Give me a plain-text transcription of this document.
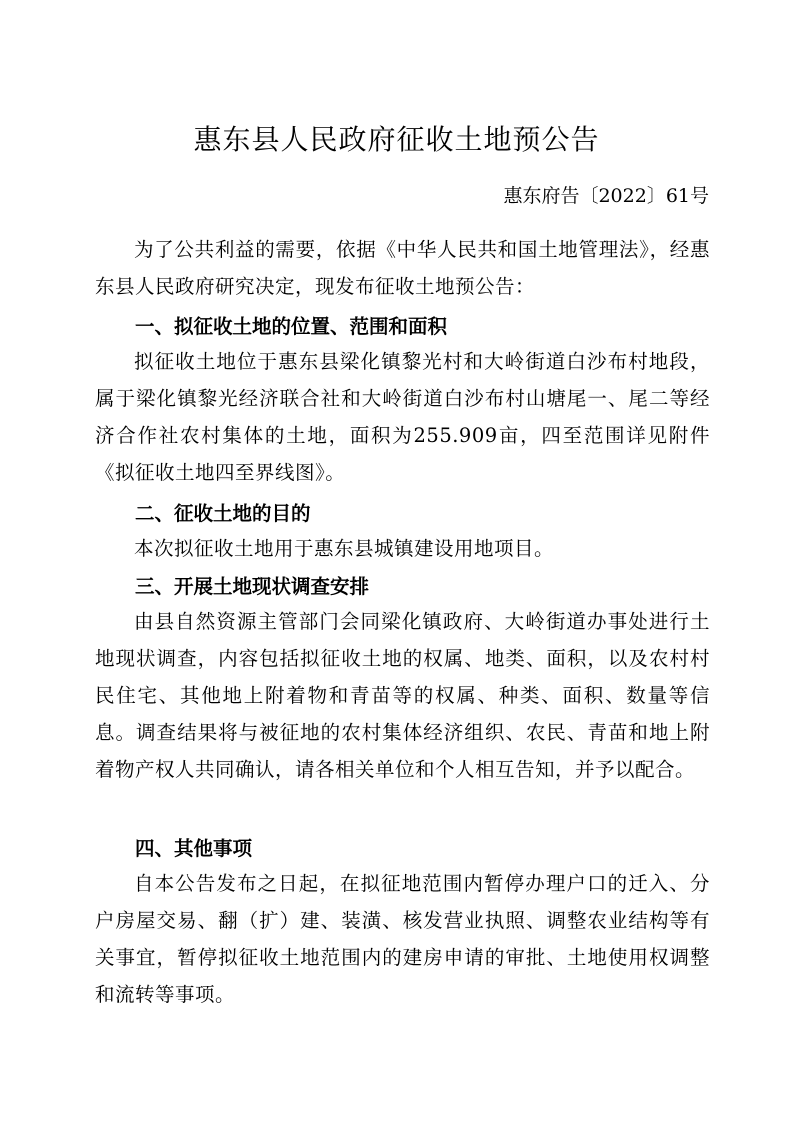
惠东县人民政府征收土地预公告
惠东府告〔2022〕61号

为了公共利益的需要，依据《中华人民共和国土地管理法》，经惠东县人民政府研究决定，现发布征收土地预公告：

一、拟征收土地的位置、范围和面积

拟征收土地位于惠东县梁化镇黎光村和大岭街道白沙布村地段，属于梁化镇黎光经济联合社和大岭街道白沙布村山塘尾一、尾二等经济合作社农村集体的土地，面积为255.909亩，四至范围详见附件《拟征收土地四至界线图》。

二、征收土地的目的

本次拟征收土地用于惠东县城镇建设用地项目。

三、开展土地现状调查安排

由县自然资源主管部门会同梁化镇政府、大岭街道办事处进行土地现状调查，内容包括拟征收土地的权属、地类、面积，以及农村村民住宅、其他地上附着物和青苗等的权属、种类、面积、数量等信息。调查结果将与被征地的农村集体经济组织、农民、青苗和地上附着物产权人共同确认，请各相关单位和个人相互告知，并予以配合。

四、其他事项

自本公告发布之日起，在拟征地范围内暂停办理户口的迁入、分户房屋交易、翻（扩）建、装潢、核发营业执照、调整农业结构等有关事宜，暂停拟征收土地范围内的建房申请的审批、土地使用权调整和流转等事项。
